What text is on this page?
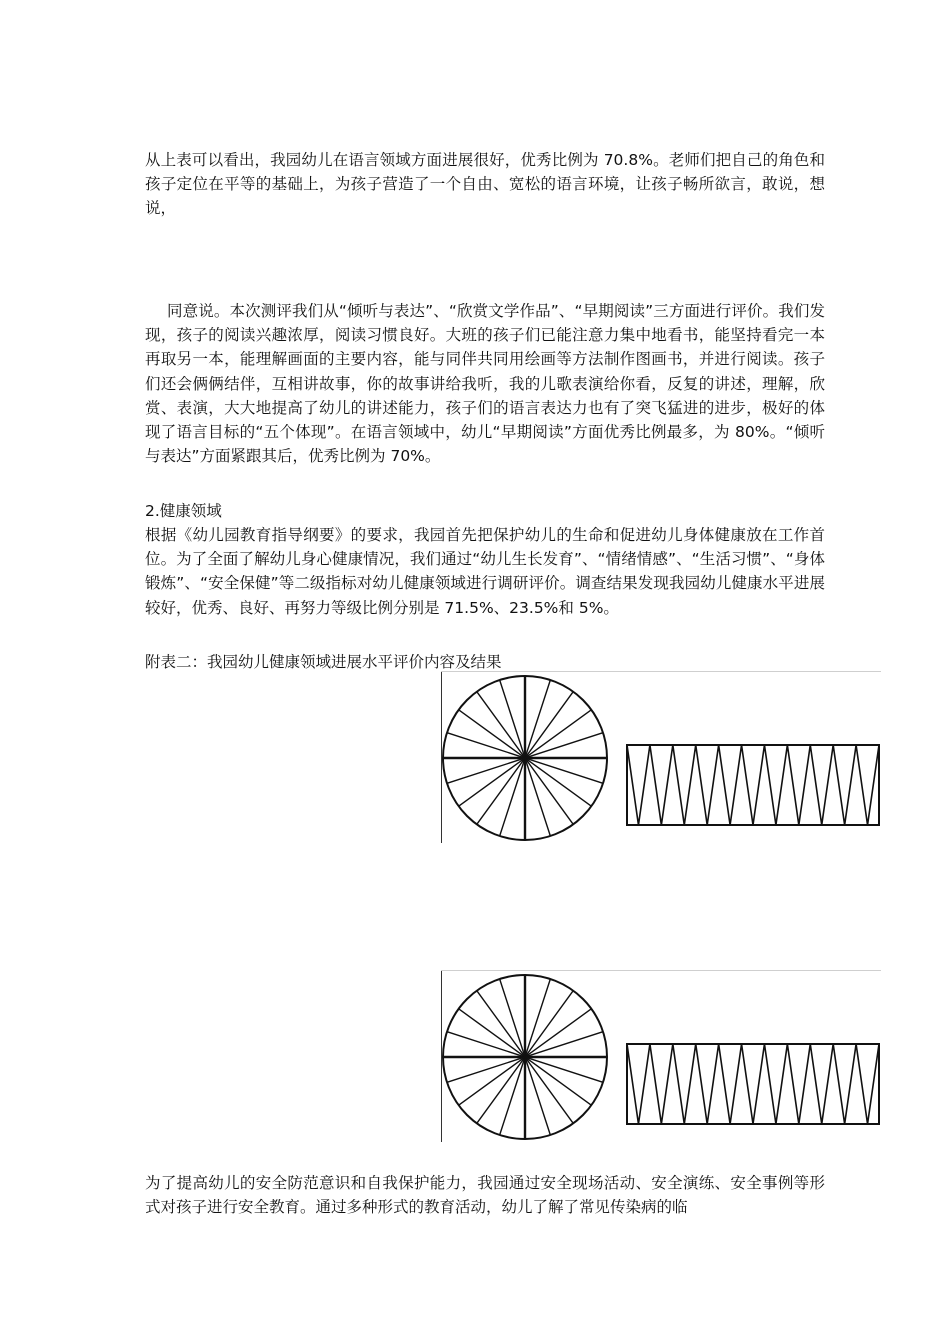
从上表可以看出，我园幼儿在语言领域方面进展很好，优秀比例为 70.8%。老师们把自己的角色和孩子定位在平等的基础上，为孩子营造了一个自由、宽松的语言环境，让孩子畅所欲言，敢说，想说，

同意说。本次测评我们从“倾听与表达”、“欣赏文学作品”、“早期阅读”三方面进行评价。我们发现，孩子的阅读兴趣浓厚，阅读习惯良好。大班的孩子们已能注意力集中地看书，能坚持看完一本再取另一本，能理解画面的主要内容，能与同伴共同用绘画等方法制作图画书，并进行阅读。孩子们还会俩俩结伴，互相讲故事，你的故事讲给我听，我的儿歌表演给你看，反复的讲述，理解，欣赏、表演，大大地提高了幼儿的讲述能力，孩子们的语言表达力也有了突飞猛进的进步，极好的体现了语言目标的“五个体现”。在语言领域中，幼儿“早期阅读”方面优秀比例最多，为 80%。“倾听与表达”方面紧跟其后，优秀比例为 70%。

2.健康领域

根据《幼儿园教育指导纲要》的要求，我园首先把保护幼儿的生命和促进幼儿身体健康放在工作首位。为了全面了解幼儿身心健康情况，我们通过“幼儿生长发育”、“情绪情感”、“生活习惯”、“身体锻炼”、“安全保健”等二级指标对幼儿健康领域进行调研评价。调查结果发现我园幼儿健康水平进展较好，优秀、良好、再努力等级比例分别是 71.5%、23.5%和 5%。

附表二：我园幼儿健康领域进展水平评价内容及结果

为了提高幼儿的安全防范意识和自我保护能力，我园通过安全现场活动、安全演练、安全事例等形式对孩子进行安全教育。通过多种形式的教育活动，幼儿了解了常见传染病的临
